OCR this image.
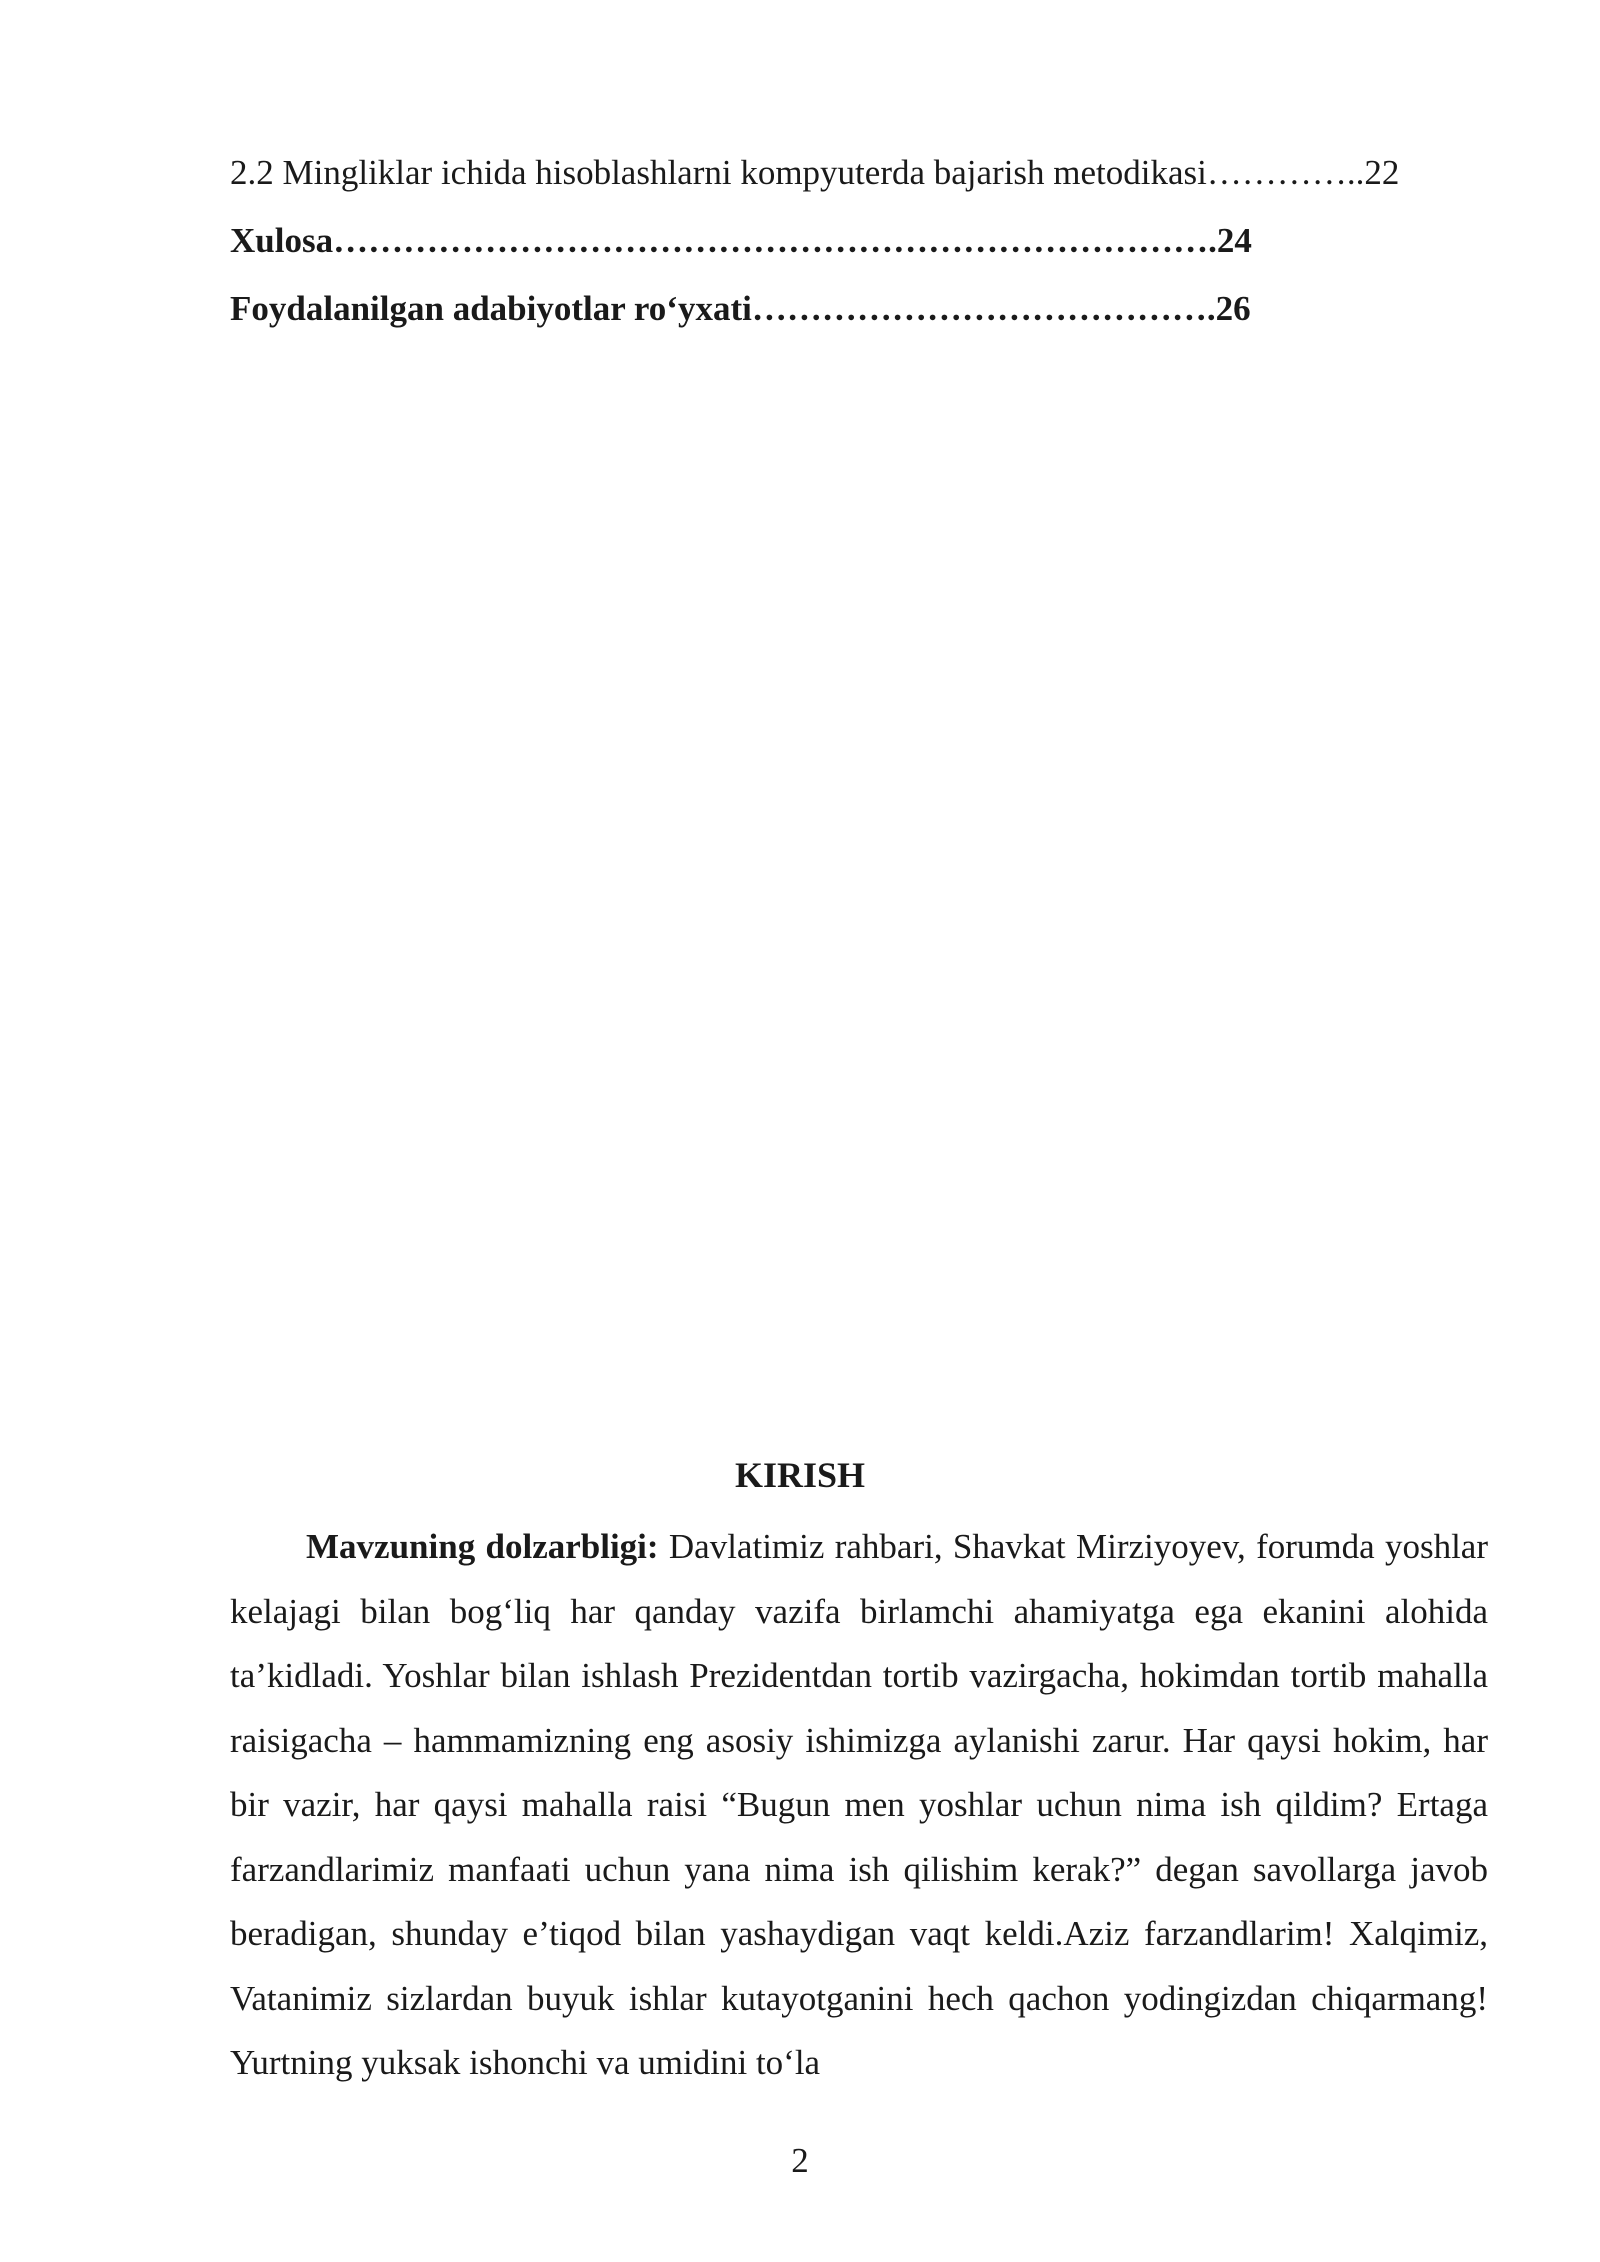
2.2 Mingliklar ichida hisoblashlarni kompyuterda bajarish metodikasi…………..22
Xulosa………………………………………………………………….24
Foydalanilgan adabiyotlar ro‘yxati………………………………….26
KIRISH

Mavzuning dolzarbligi: Davlatimiz rahbari, Shavkat Mirziyoyev, forumda yoshlar kelajagi bilan bog‘liq har qanday vazifa birlamchi ahamiyatga ega ekanini alohida ta’kidladi. Yoshlar bilan ishlash Prezidentdan tortib vazirgacha, hokimdan tortib mahalla raisigacha – hammamizning eng asosiy ishimizga aylanishi zarur. Har qaysi hokim, har bir vazir, har qaysi mahalla raisi “Bugun men yoshlar uchun nima ish qildim? Ertaga farzandlarimiz manfaati uchun yana nima ish qilishim kerak?” degan savollarga javob beradigan, shunday e’tiqod bilan yashaydigan vaqt keldi.Aziz farzandlarim! Xalqimiz, Vatanimiz sizlardan buyuk ishlar kutayotganini hech qachon yodingizdan chiqarmang! Yurtning yuksak ishonchi va umidini to‘la

2
